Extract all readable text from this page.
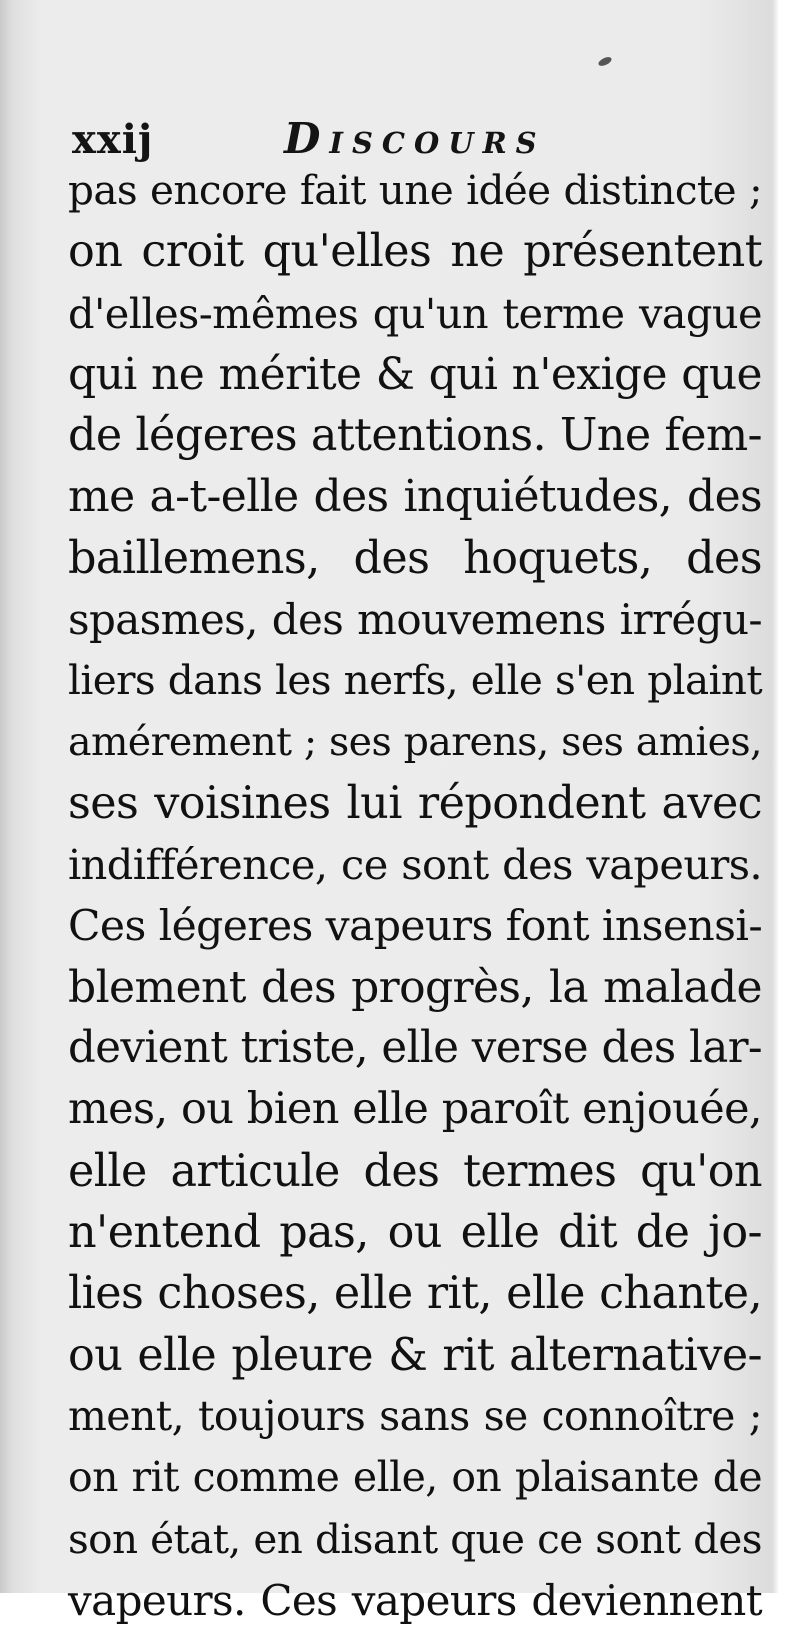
xxij	Discours
pas encore fait une idée distincte ;
on croit qu'elles ne présentent
d'elles-mêmes qu'un terme vague
qui ne mérite & qui n'exige que
de légeres attentions. Une fem-
me a-t-elle des inquiétudes, des
baillemens, des hoquets, des
spasmes, des mouvemens irrégu-
liers dans les nerfs, elle s'en plaint
amérement ; ses parens, ses amies,
ses voisines lui répondent avec
indifférence, ce sont des vapeurs.
Ces légeres vapeurs font insensi-
blement des progrès, la malade
devient triste, elle verse des lar-
mes, ou bien elle paroît enjouée,
elle articule des termes qu'on
n'entend pas, ou elle dit de jo-
lies choses, elle rit, elle chante,
ou elle pleure & rit alternative-
ment, toujours sans se connoître ;
on rit comme elle, on plaisante de
son état, en disant que ce sont des
vapeurs. Ces vapeurs deviennent
